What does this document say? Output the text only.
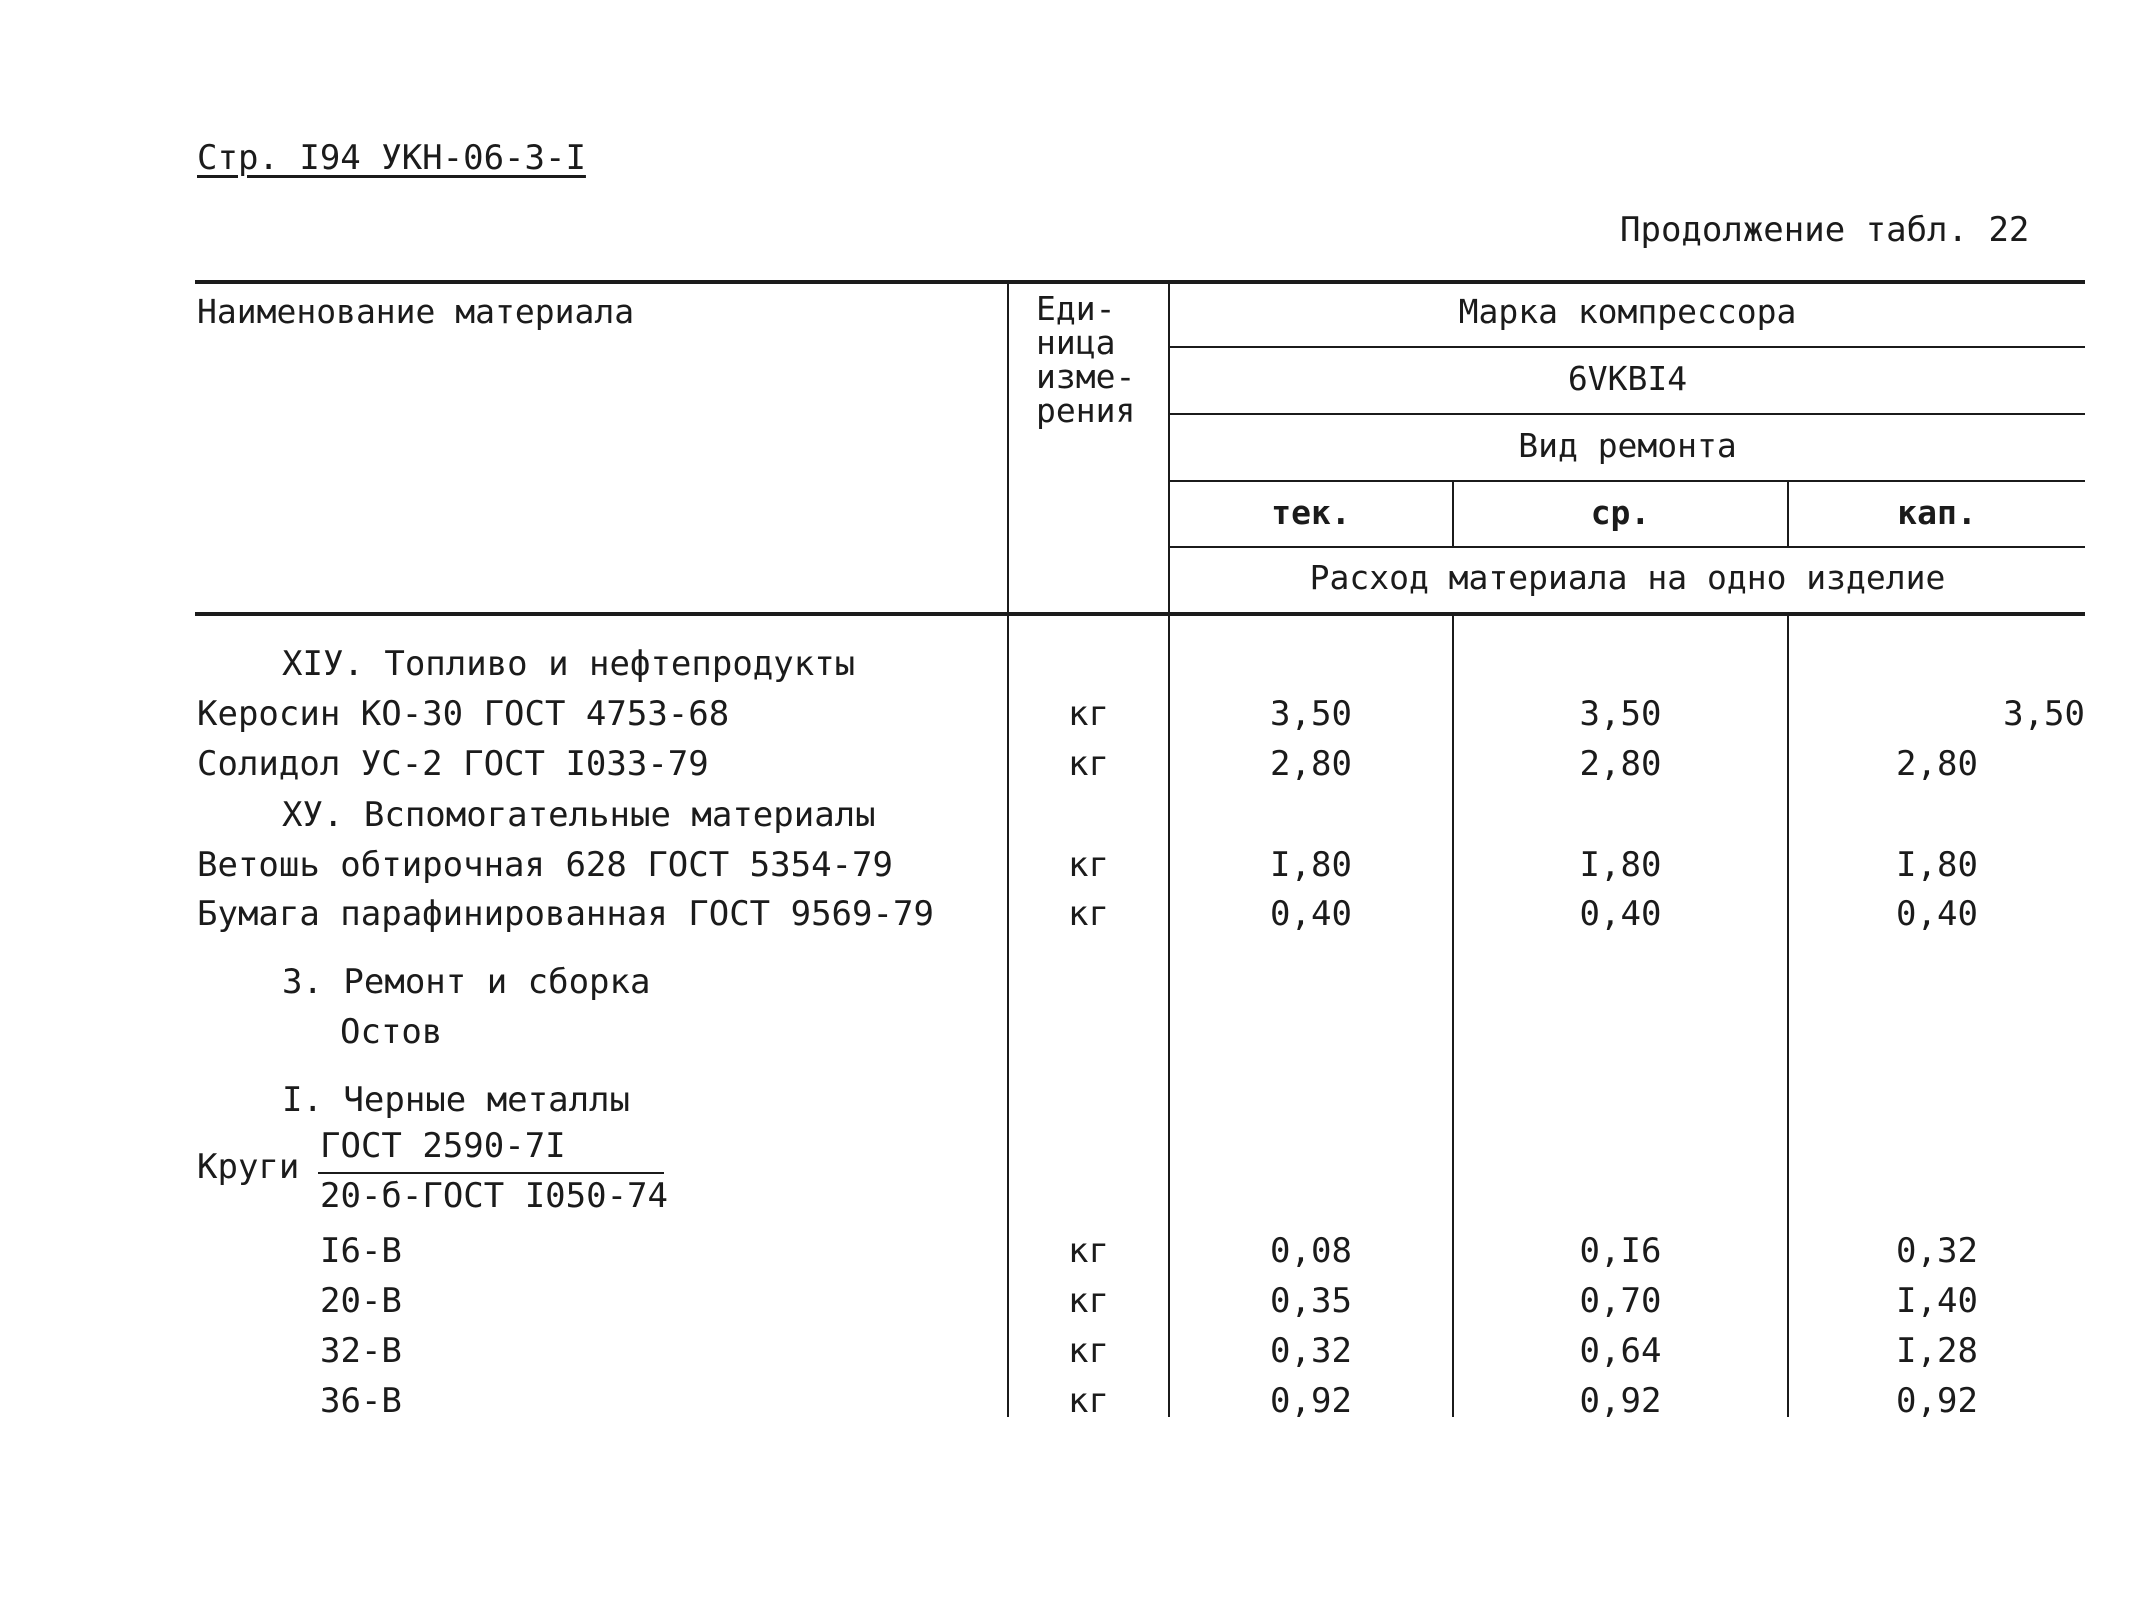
Стр. I94 УКН-06-3-I
Продолжение табл. 22
Наименование материала	Еди-
ница
изме-
рения
Марка компрессора
6VKBI4
Вид ремонта
тек.	ср.	кап.
Расход материала на одно изделие
XIУ. Топливо и нефтепродукты
Керосин КО-30 ГОСТ 4753-68	кг	3,50	3,50	3,50
Солидол УС-2 ГОСТ I033-79	кг	2,80	2,80	2,80
XУ. Вспомогательные материалы
Ветошь обтирочная 628 ГОСТ 5354-79	кг	I,80	I,80	I,80
Бумага парафинированная ГОСТ 9569-79	кг	0,40	0,40	0,40
3. Ремонт и сборка
Остов
I. Черные металлы
Круги
ГОСТ 2590-7I
20-б-ГОСТ I050-74
I6-В	кг	0,08	0,I6	0,32
20-В	кг	0,35	0,70	I,40
32-В	кг	0,32	0,64	I,28
36-В	кг	0,92	0,92	0,92
